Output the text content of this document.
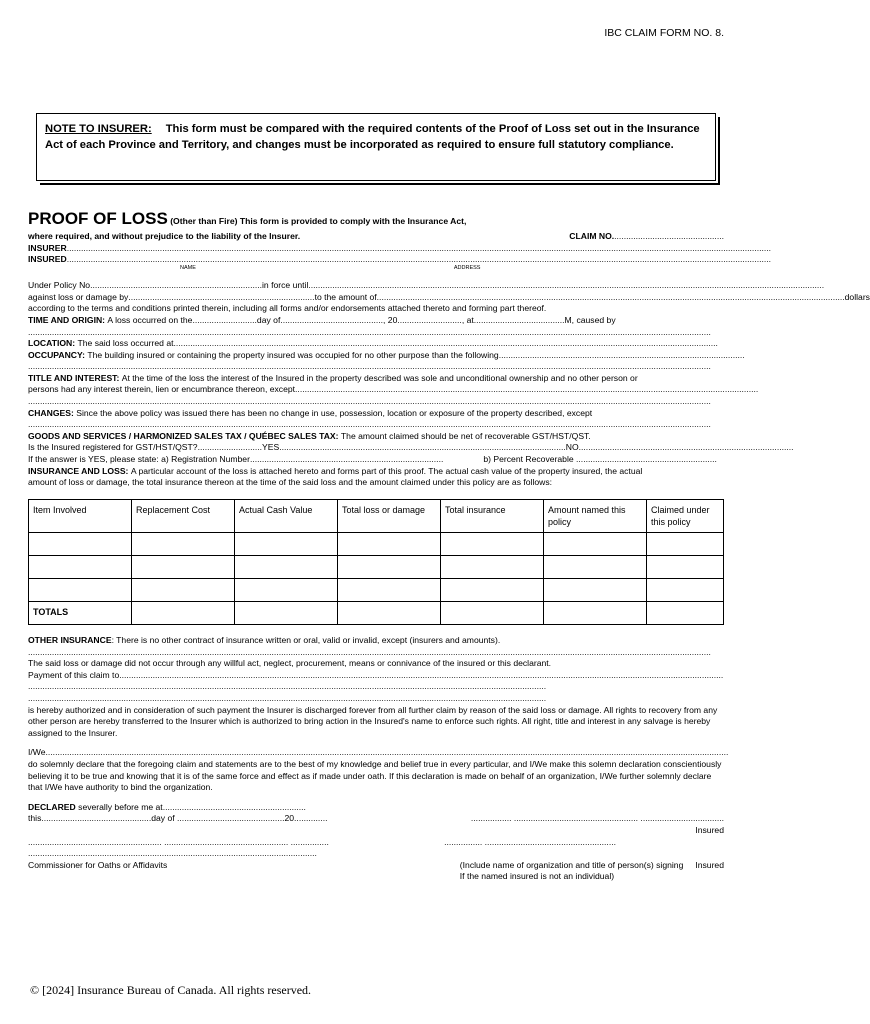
IBC CLAIM FORM NO. 8.
NOTE TO INSURER: This form must be compared with the required contents of the Proof of Loss set out in the Insurance Act of each Province and Territory, and changes must be incorporated as required to ensure full statutory compliance.
PROOF OF LOSS (Other than Fire) This form is provided to comply with the Insurance Act,
where required, and without prejudice to the liability of the Insurer.	CLAIM NO. ..............................................
INSURER .......................................................................................................................................................................................................................................................................................................
INSURED .......................................................................................................................................................................................................................................................................................................
NAME	ADDRESS
Under Policy No. ....................................................................... in force until ........................................................................................................................................................................................................................
against loss or damage by .............................................................................. to the amount of .................................................................................................................................................................................................... dollars
according to the terms and conditions printed therein, including all forms and/or endorsements attached thereto and forming part thereof.
TIME AND ORIGIN:
A loss occurred on the ........................... day of ........................................... , 20 ........................... , at ...................................... M, caused by
..............................................................................................................................................................................................................................................................................................
LOCATION:
The said loss occurred at ....................................................................................................................................................................................................................................
OCCUPANCY:
The building insured or containing the property insured was occupied for no other purpose than the following .......................................................................................................
..............................................................................................................................................................................................................................................................................................
TITLE AND INTEREST:
At the time of the loss the interest of the Insured in the property described was sole and unconditional ownership and no other person or
persons had any interest therein, lien or encumbrance thereon, except ..................................................................................................................................................................................................
..............................................................................................................................................................................................................................................................................................
CHANGES:
Since the above policy was issued there has been no change in use, possession, location or exposure of the property described, except
..............................................................................................................................................................................................................................................................................................
GOODS AND SERVICES / HARMONIZED SALES TAX / QUÉBEC SALES TAX:
The amount claimed should be net of recoverable GST/HST/QST.
Is the Insured registered for GST/HST/QST? ........................... YES ........................................................................................................................ NO ..........................................................................................
If the answer is YES, please state: a) Registration Number .................................................................................	b) Percent Recoverable
...........................................................
INSURANCE AND LOSS:
A particular account of the loss is attached hereto and forms part of this proof. The actual cash value of the property insured, the actual
amount of loss or damage, the total insurance thereon at the time of the said loss and the amount claimed under this policy are as follows:
Item Involved	Replacement Cost	Actual Cash Value	Total loss or damage	Total insurance	Amount named this policy	Claimed under this policy

TOTALS						
OTHER INSURANCE: There is no other contract of insurance written or oral, valid or invalid, except (insurers and amounts).
..............................................................................................................................................................................................................................................................................................
The said loss or damage did not occur through any willful act, neglect, procurement, means or connivance of the insured or this declarant.
Payment of this claim to .............................................................................................................................................................................................................................................................
.........................................................................................................................................................................................................................
.........................................................................................................................................................................................................................
is hereby authorized and in consideration of such payment the Insurer is discharged forever from all further claim by reason of the said loss or damage. All rights to recovery from any other person are hereby transferred to the Insurer which is authorized to bring action in the Insured's name to enforce such rights. All right, title and interest in any salvage is hereby assigned to the Insurer.
I/We ..............................................................................................................................................................................................................................................................................................
do solemnly declare that the foregoing claim and statements are to the best of my knowledge and belief true in every particular, and I/We make this solemn declaration conscientiously believing it to be true and knowing that it is of the same force and effect as if made under oath. If this declaration is made on behalf of an organization, I/We further solemnly declare that I/We have authority to bind the organization.
DECLARED
severally before me at ............................................................
this .............................................. day of
............................................. 20 ..............	................. .................................................... ...................................
Insured
........................................................ .................................................... ................	................ .......................................................
.........................................................................................................................
Commissioner for Oaths or Affidavits	(Include name of organization and title of person(s) signing Insured
If the named insured is not an individual)
© [2024] Insurance Bureau of Canada. All rights reserved.
